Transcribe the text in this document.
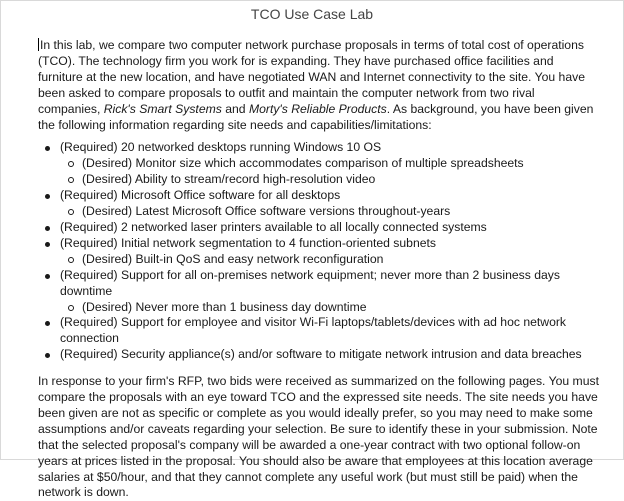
TCO Use Case Lab

In this lab, we compare two computer network purchase proposals in terms of total cost of operations (TCO). The technology firm you work for is expanding. They have purchased office facilities and furniture at the new location, and have negotiated WAN and Internet connectivity to the site. You have been asked to compare proposals to outfit and maintain the computer network from two rival companies, Rick's Smart Systems and Morty's Reliable Products. As background, you have been given the following information regarding site needs and capabilities/limitations:

(Required) 20 networked desktops running Windows 10 OS
(Desired) Monitor size which accommodates comparison of multiple spreadsheets
(Desired) Ability to stream/record high-resolution video
(Required) Microsoft Office software for all desktops
(Desired) Latest Microsoft Office software versions throughout-years
(Required) 2 networked laser printers available to all locally connected systems
(Required) Initial network segmentation to 4 function-oriented subnets
(Desired) Built-in QoS and easy network reconfiguration
(Required) Support for all on-premises network equipment; never more than 2 business days downtime
(Desired) Never more than 1 business day downtime
(Required) Support for employee and visitor Wi-Fi laptops/tablets/devices with ad hoc network connection
(Required) Security appliance(s) and/or software to mitigate network intrusion and data breaches

In response to your firm's RFP, two bids were received as summarized on the following pages. You must compare the proposals with an eye toward TCO and the expressed site needs. The site needs you have been given are not as specific or complete as you would ideally prefer, so you may need to make some assumptions and/or caveats regarding your selection. Be sure to identify these in your submission. Note that the selected proposal's company will be awarded a one-year contract with two optional follow-on years at prices listed in the proposal. You should also be aware that employees at this location average salaries at $50/hour, and that they cannot complete any useful work (but must still be paid) when the network is down.
